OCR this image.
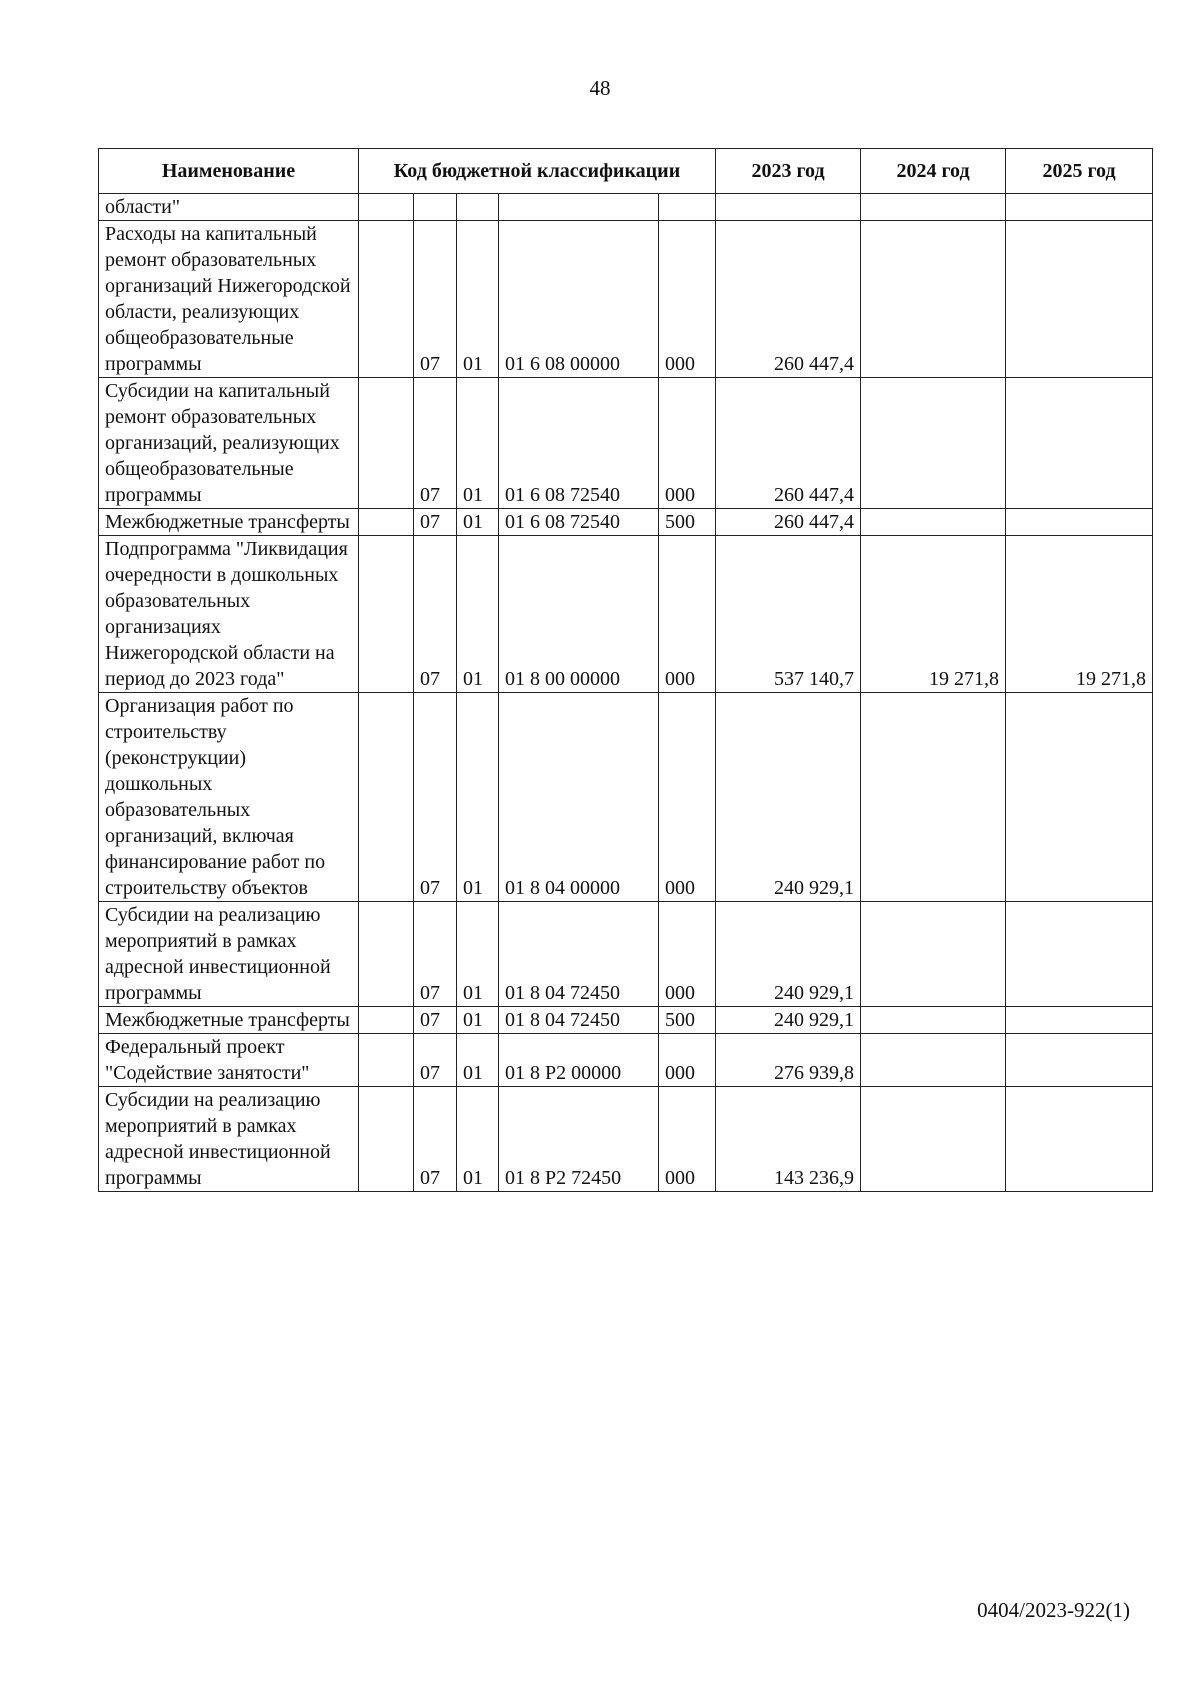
48
Наименование	Код бюджетной классификации					2023 год	2024 год	2025 год
области"								
Расходы на капитальный ремонт образовательных организаций Нижегородской области, реализующих общеобразовательные программы		07	01	01 6 08 00000	000	260 447,4		
Субсидии на капитальный ремонт образовательных организаций, реализующих общеобразовательные программы		07	01	01 6 08 72540	000	260 447,4		
Межбюджетные трансферты		07	01	01 6 08 72540	500	260 447,4		
Подпрограмма "Ликвидация очередности в дошкольных образовательных организациях Нижегородской области на период до 2023 года"		07	01	01 8 00 00000	000	537 140,7	19 271,8	19 271,8
Организация работ по строительству (реконструкции) дошкольных образовательных организаций, включая финансирование работ по строительству объектов		07	01	01 8 04 00000	000	240 929,1		
Субсидии на реализацию мероприятий в рамках адресной инвестиционной программы		07	01	01 8 04 72450	000	240 929,1		
Межбюджетные трансферты		07	01	01 8 04 72450	500	240 929,1		
Федеральный проект "Содействие занятости"		07	01	01 8 P2 00000	000	276 939,8		
Субсидии на реализацию мероприятий в рамках адресной инвестиционной программы		07	01	01 8 P2 72450	000	143 236,9		
0404/2023-922(1)
